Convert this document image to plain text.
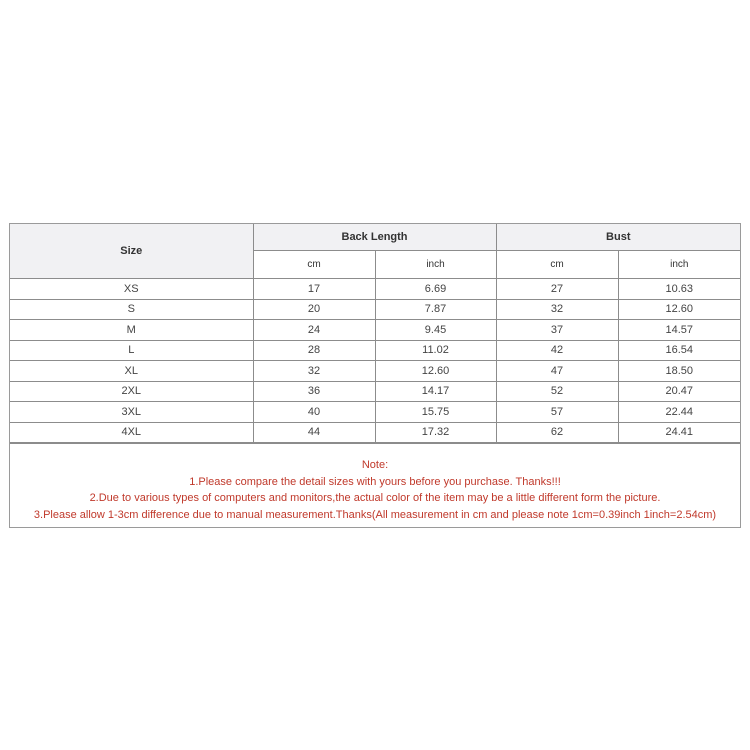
Size	Back Length		Bust	
	cm	inch	cm	inch
XS	17	6.69	27	10.63
S	20	7.87	32	12.60
M	24	9.45	37	14.57
L	28	11.02	42	16.54
XL	32	12.60	47	18.50
2XL	36	14.17	52	20.47
3XL	40	15.75	57	22.44
4XL	44	17.32	62	24.41
Note:
1.Please compare the detail sizes with yours before you purchase. Thanks!!!
2.Due to various types of computers and monitors,the actual color of the item may be a little different form the picture.
3.Please allow 1-3cm difference due to manual measurement.Thanks(All measurement in cm and please note 1cm=0.39inch 1inch=2.54cm)
